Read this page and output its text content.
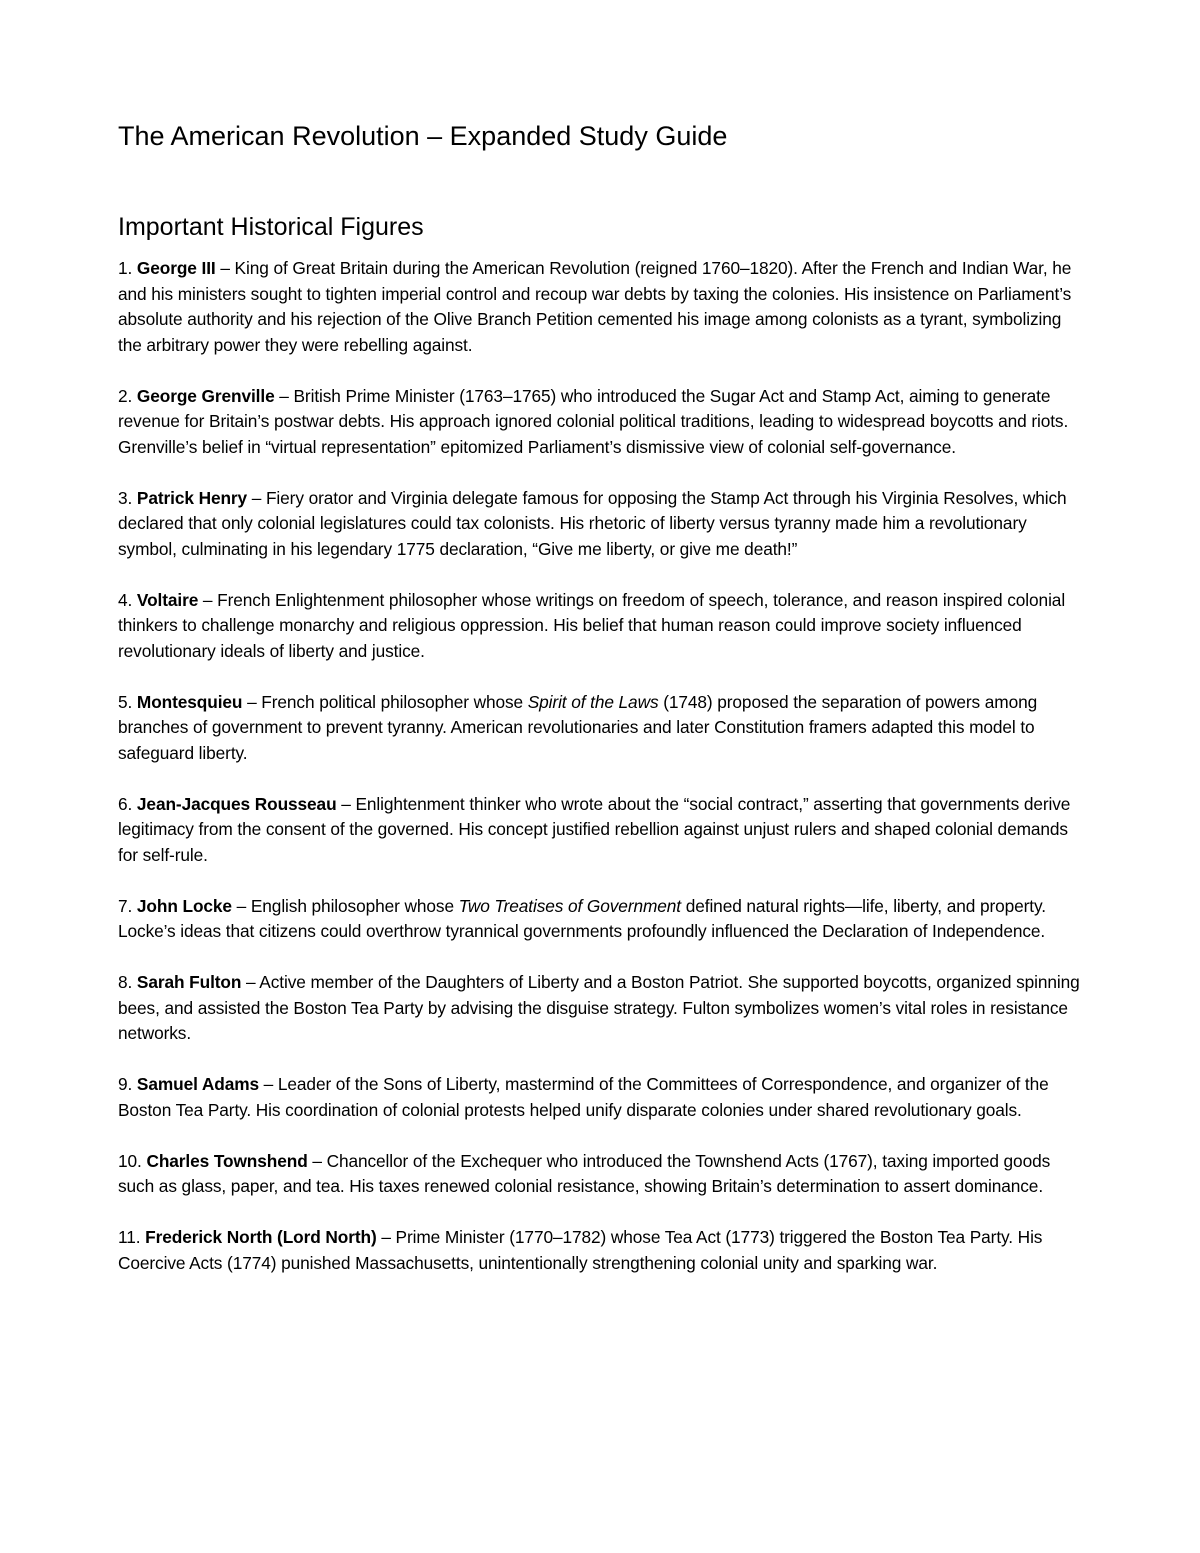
The American Revolution – Expanded Study Guide
Important Historical Figures

1. George III – King of Great Britain during the American Revolution (reigned 1760–1820). After the French and Indian War, he and his ministers sought to tighten imperial control and recoup war debts by taxing the colonies. His insistence on Parliament’s absolute authority and his rejection of the Olive Branch Petition cemented his image among colonists as a tyrant, symbolizing the arbitrary power they were rebelling against.

2. George Grenville – British Prime Minister (1763–1765) who introduced the Sugar Act and Stamp Act, aiming to generate revenue for Britain’s postwar debts. His approach ignored colonial political traditions, leading to widespread boycotts and riots. Grenville’s belief in “virtual representation” epitomized Parliament’s dismissive view of colonial self-governance.

3. Patrick Henry – Fiery orator and Virginia delegate famous for opposing the Stamp Act through his Virginia Resolves, which declared that only colonial legislatures could tax colonists. His rhetoric of liberty versus tyranny made him a revolutionary symbol, culminating in his legendary 1775 declaration, “Give me liberty, or give me death!”

4. Voltaire – French Enlightenment philosopher whose writings on freedom of speech, tolerance, and reason inspired colonial thinkers to challenge monarchy and religious oppression. His belief that human reason could improve society influenced revolutionary ideals of liberty and justice.

5. Montesquieu – French political philosopher whose Spirit of the Laws (1748) proposed the separation of powers among branches of government to prevent tyranny. American revolutionaries and later Constitution framers adapted this model to safeguard liberty.

6. Jean-Jacques Rousseau – Enlightenment thinker who wrote about the “social contract,” asserting that governments derive legitimacy from the consent of the governed. His concept justified rebellion against unjust rulers and shaped colonial demands for self-rule.

7. John Locke – English philosopher whose Two Treatises of Government defined natural rights—life, liberty, and property. Locke’s ideas that citizens could overthrow tyrannical governments profoundly influenced the Declaration of Independence.

8. Sarah Fulton – Active member of the Daughters of Liberty and a Boston Patriot. She supported boycotts, organized spinning bees, and assisted the Boston Tea Party by advising the disguise strategy. Fulton symbolizes women’s vital roles in resistance networks.

9. Samuel Adams – Leader of the Sons of Liberty, mastermind of the Committees of Correspondence, and organizer of the Boston Tea Party. His coordination of colonial protests helped unify disparate colonies under shared revolutionary goals.

10. Charles Townshend – Chancellor of the Exchequer who introduced the Townshend Acts (1767), taxing imported goods such as glass, paper, and tea. His taxes renewed colonial resistance, showing Britain’s determination to assert dominance.

11. Frederick North (Lord North) – Prime Minister (1770–1782) whose Tea Act (1773) triggered the Boston Tea Party. His Coercive Acts (1774) punished Massachusetts, unintentionally strengthening colonial unity and sparking war.
